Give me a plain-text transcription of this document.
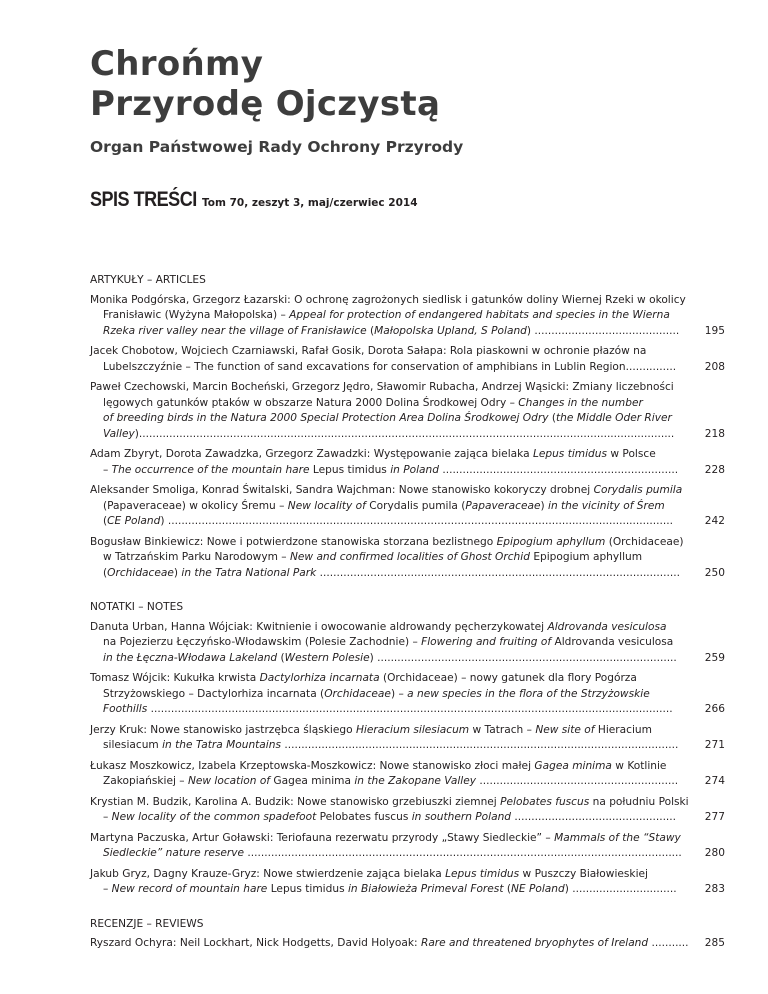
Chrońmy
Przyrodę Ojczystą
Organ Państwowej Rady Ochrony Przyrody
SPIS TREŚCI Tom 70, zeszyt 3, maj/czerwiec 2014
ARTYKUŁY – ARTICLES

Monika Podgórska, Grzegorz Łazarski: O ochronę zagrożonych siedlisk i gatunków doliny Wiernej Rzeki w okolicy

Franisławic (Wyżyna Małopolska) – Appeal for protection of endangered habitats and species in the Wierna

Rzeka river valley near the village of Franisławice (Małopolska Upland, S Poland) ...........................................	195

Jacek Chobotow, Wojciech Czarniawski, Rafał Gosik, Dorota Sałapa: Rola piaskowni w ochronie płazów na

Lubelszczyźnie – The function of sand excavations for conservation of amphibians in Lublin Region...............	208

Paweł Czechowski, Marcin Bocheński, Grzegorz Jędro, Sławomir Rubacha, Andrzej Wąsicki: Zmiany liczebności

lęgowych gatunków ptaków w obszarze Natura 2000 Dolina Środkowej Odry – Changes in the number

of breeding birds in the Natura 2000 Special Protection Area Dolina Środkowej Odry (the Middle Oder River

Valley)...............................................................................................................................................................	218

Adam Zbyryt, Dorota Zawadzka, Grzegorz Zawadzki: Występowanie zająca bielaka Lepus timidus w Polsce

– The occurrence of the mountain hare Lepus timidus in Poland ......................................................................	228

Aleksander Smoliga, Konrad Świtalski, Sandra Wajchman: Nowe stanowisko kokoryczy drobnej Corydalis pumila

(Papaveraceae) w okolicy Śremu – New locality of Corydalis pumila (Papaveraceae) in the vicinity of Śrem

(CE Poland) ......................................................................................................................................................	242

Bogusław Binkiewicz: Nowe i potwierdzone stanowiska storzana bezlistnego Epipogium aphyllum (Orchidaceae)

w Tatrzańskim Parku Narodowym – New and confirmed localities of Ghost Orchid Epipogium aphyllum

(Orchidaceae) in the Tatra National Park ...........................................................................................................	250
NOTATKI – NOTES

Danuta Urban, Hanna Wójciak: Kwitnienie i owocowanie aldrowandy pęcherzykowatej Aldrovanda vesiculosa

na Pojezierzu Łęczyńsko-Włodawskim (Polesie Zachodnie) – Flowering and fruiting of Aldrovanda vesiculosa

in the Łęczna-Włodawa Lakeland (Western Polesie) .........................................................................................	259

Tomasz Wójcik: Kukułka krwista Dactylorhiza incarnata (Orchidaceae) – nowy gatunek dla flory Pogórza

Strzyżowskiego – Dactylorhiza incarnata (Orchidaceae) – a new species in the flora of the Strzyżowskie

Foothills ...........................................................................................................................................................	266

Jerzy Kruk: Nowe stanowisko jastrzębca śląskiego Hieracium silesiacum w Tatrach – New site of Hieracium

silesiacum in the Tatra Mountains .....................................................................................................................	271

Łukasz Moszkowicz, Izabela Krzeptowska-Moszkowicz: Nowe stanowisko złoci małej Gagea minima w Kotlinie

Zakopiańskiej – New location of Gagea minima in the Zakopane Valley ...........................................................	274

Krystian M. Budzik, Karolina A. Budzik: Nowe stanowisko grzebiuszki ziemnej Pelobates fuscus na południu Polski

– New locality of the common spadefoot Pelobates fuscus in southern Poland ................................................	277

Martyna Paczuska, Artur Goławski: Teriofauna rezerwatu przyrody „Stawy Siedleckie” – Mammals of the “Stawy

Siedleckie” nature reserve .................................................................................................................................	280

Jakub Gryz, Dagny Krauze-Gryz: Nowe stwierdzenie zająca bielaka Lepus timidus w Puszczy Białowieskiej

– New record of mountain hare Lepus timidus in Białowieża Primeval Forest (NE Poland) ...............................	283
RECENZJE – REVIEWS

Ryszard Ochyra: Neil Lockhart, Nick Hodgetts, David Holyoak: Rare and threatened bryophytes of Ireland ...........	285
